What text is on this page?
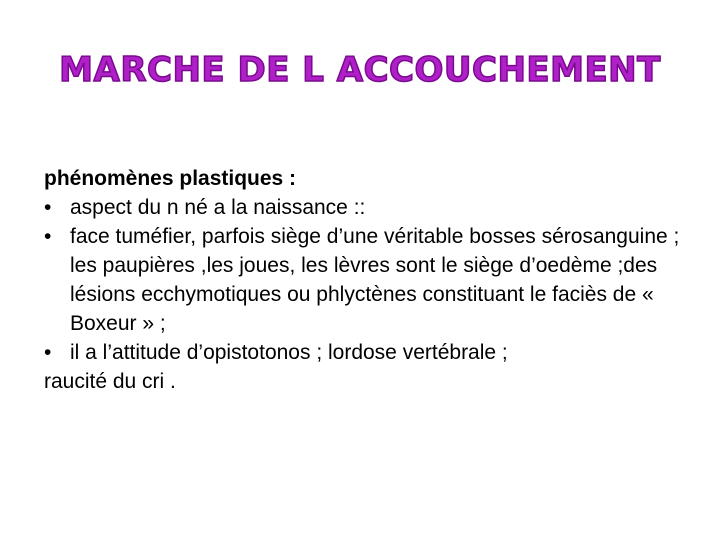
MARCHE DE L ACCOUCHEMENT
phénomènes plastiques :
• aspect du n né a la naissance ::
• face tuméfier, parfois siège d’une véritable bosses sérosanguine ; les paupières ,les joues, les lèvres sont le siège d’oedème ;des lésions ecchymotiques ou phlyctènes constituant le faciès de « Boxeur » ;
• il a l’attitude d’opistotonos ; lordose vertébrale ;
raucité du cri .
